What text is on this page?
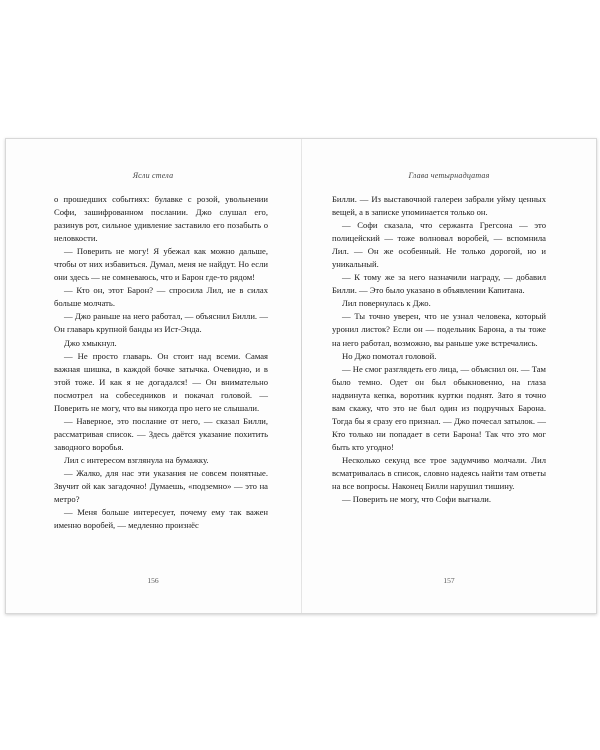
Ясли стела

о прошедших событиях: булавке с розой, увольнении Софи, зашифрованном послании. Джо слушал его, разинув рот, сильное удивление заставило его позабыть о неловкости.

— Поверить не могу! Я убежал как можно дальше, чтобы от них избавиться. Думал, меня не найдут. Но если они здесь — не сомневаюсь, что и Барон где-то рядом!

— Кто он, этот Барон? — спросила Лил, не в силах больше молчать.

— Джо раньше на него работал, — объяснил Билли. — Он главарь крупной банды из Ист-Энда.

Джо хмыкнул.

— Не просто главарь. Он стоит над всеми. Самая важная шишка, в каждой бочке затычка. Очевидно, и в этой тоже. И как я не догадался! — Он внимательно посмотрел на собеседников и покачал головой. — Поверить не могу, что вы никогда про него не слышали.

— Наверное, это послание от него, — сказал Билли, рассматривая список. — Здесь даётся указание похитить заводного воробья.

Лил с интересом взглянула на бумажку.

— Жалко, для нас эти указания не совсем понятные. Звучит ой как загадочно! Думаешь, «подземно» — это на метро?

— Меня больше интересует, почему ему так важен именно воробей, — медленно произнёс

156
Глава четырнадцатая

Билли. — Из выставочной галереи забрали уйму ценных вещей, а в записке упоминается только он.

— Софи сказала, что сержанта Грегсона — это полицейский — тоже волновал воробей, — вспомнила Лил. — Он же особенный. Не только дорогой, но и уникальный.

— К тому же за него назначили награду, — добавил Билли. — Это было указано в объявлении Капитана.

Лил повернулась к Джо.

— Ты точно уверен, что не узнал человека, который уронил листок? Если он — подельник Барона, а ты тоже на него работал, возможно, вы раньше уже встречались.

Но Джо помотал головой.

— Не смог разглядеть его лица, — объяснил он. — Там было темно. Одет он был обыкновенно, на глаза надвинута кепка, воротник куртки поднят. Зато я точно вам скажу, что это не был один из подручных Барона. Тогда бы я сразу его признал. — Джо почесал затылок. — Кто только ни попадает в сети Барона! Так что это мог быть кто угодно!

Несколько секунд все трое задумчиво молчали. Лил всматривалась в список, словно надеясь найти там ответы на все вопросы. Наконец Билли нарушил тишину.

— Поверить не могу, что Софи выгнали.

157
